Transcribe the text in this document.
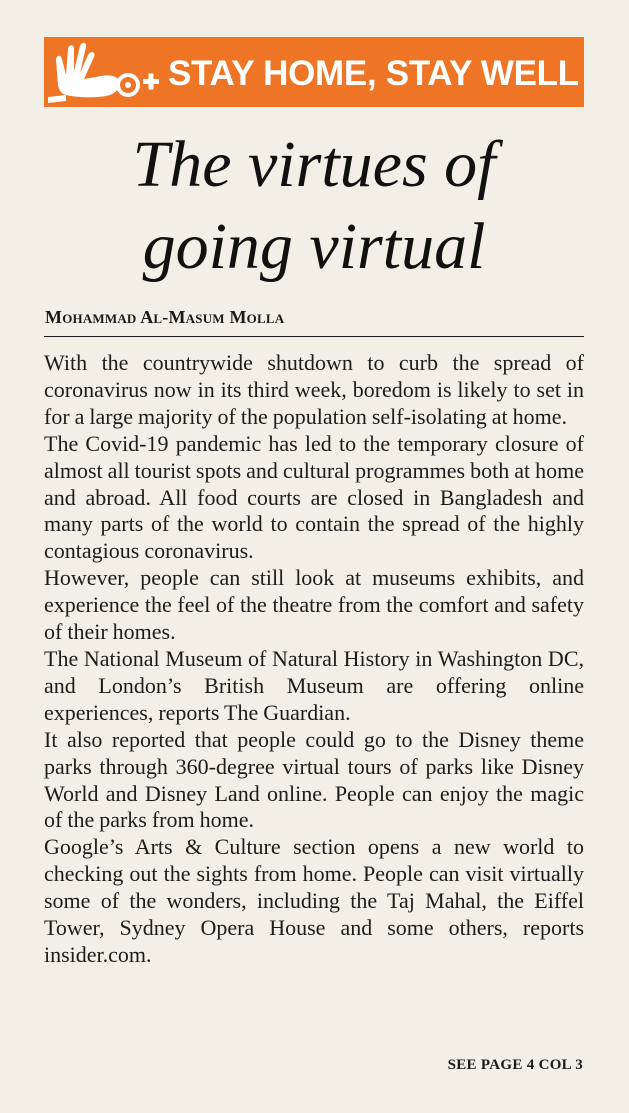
STAY HOME, STAY WELL
The virtues of
going virtual
Mohammad Al-Masum Molla

With the countrywide shutdown to curb the spread of coronavirus now in its third week, boredom is likely to set in for a large majority of the population self-isolating at home.

The Covid-19 pandemic has led to the temporary closure of almost all tourist spots and cultural programmes both at home and abroad. All food courts are closed in Bangladesh and many parts of the world to contain the spread of the highly contagious coronavirus.

However, people can still look at museums exhibits, and experience the feel of the theatre from the comfort and safety of their homes.

The National Museum of Natural History in Washington DC, and London’s British Museum are offering online experiences, reports The Guardian.

It also reported that people could go to the Disney theme parks through 360-degree virtual tours of parks like Disney World and Disney Land online. People can enjoy the magic of the parks from home.

Google’s Arts & Culture section opens a new world to checking out the sights from home. People can visit virtually some of the wonders, including the Taj Mahal, the Eiffel Tower, Sydney Opera House and some others, reports insider.com.

SEE PAGE 4 COL 3
